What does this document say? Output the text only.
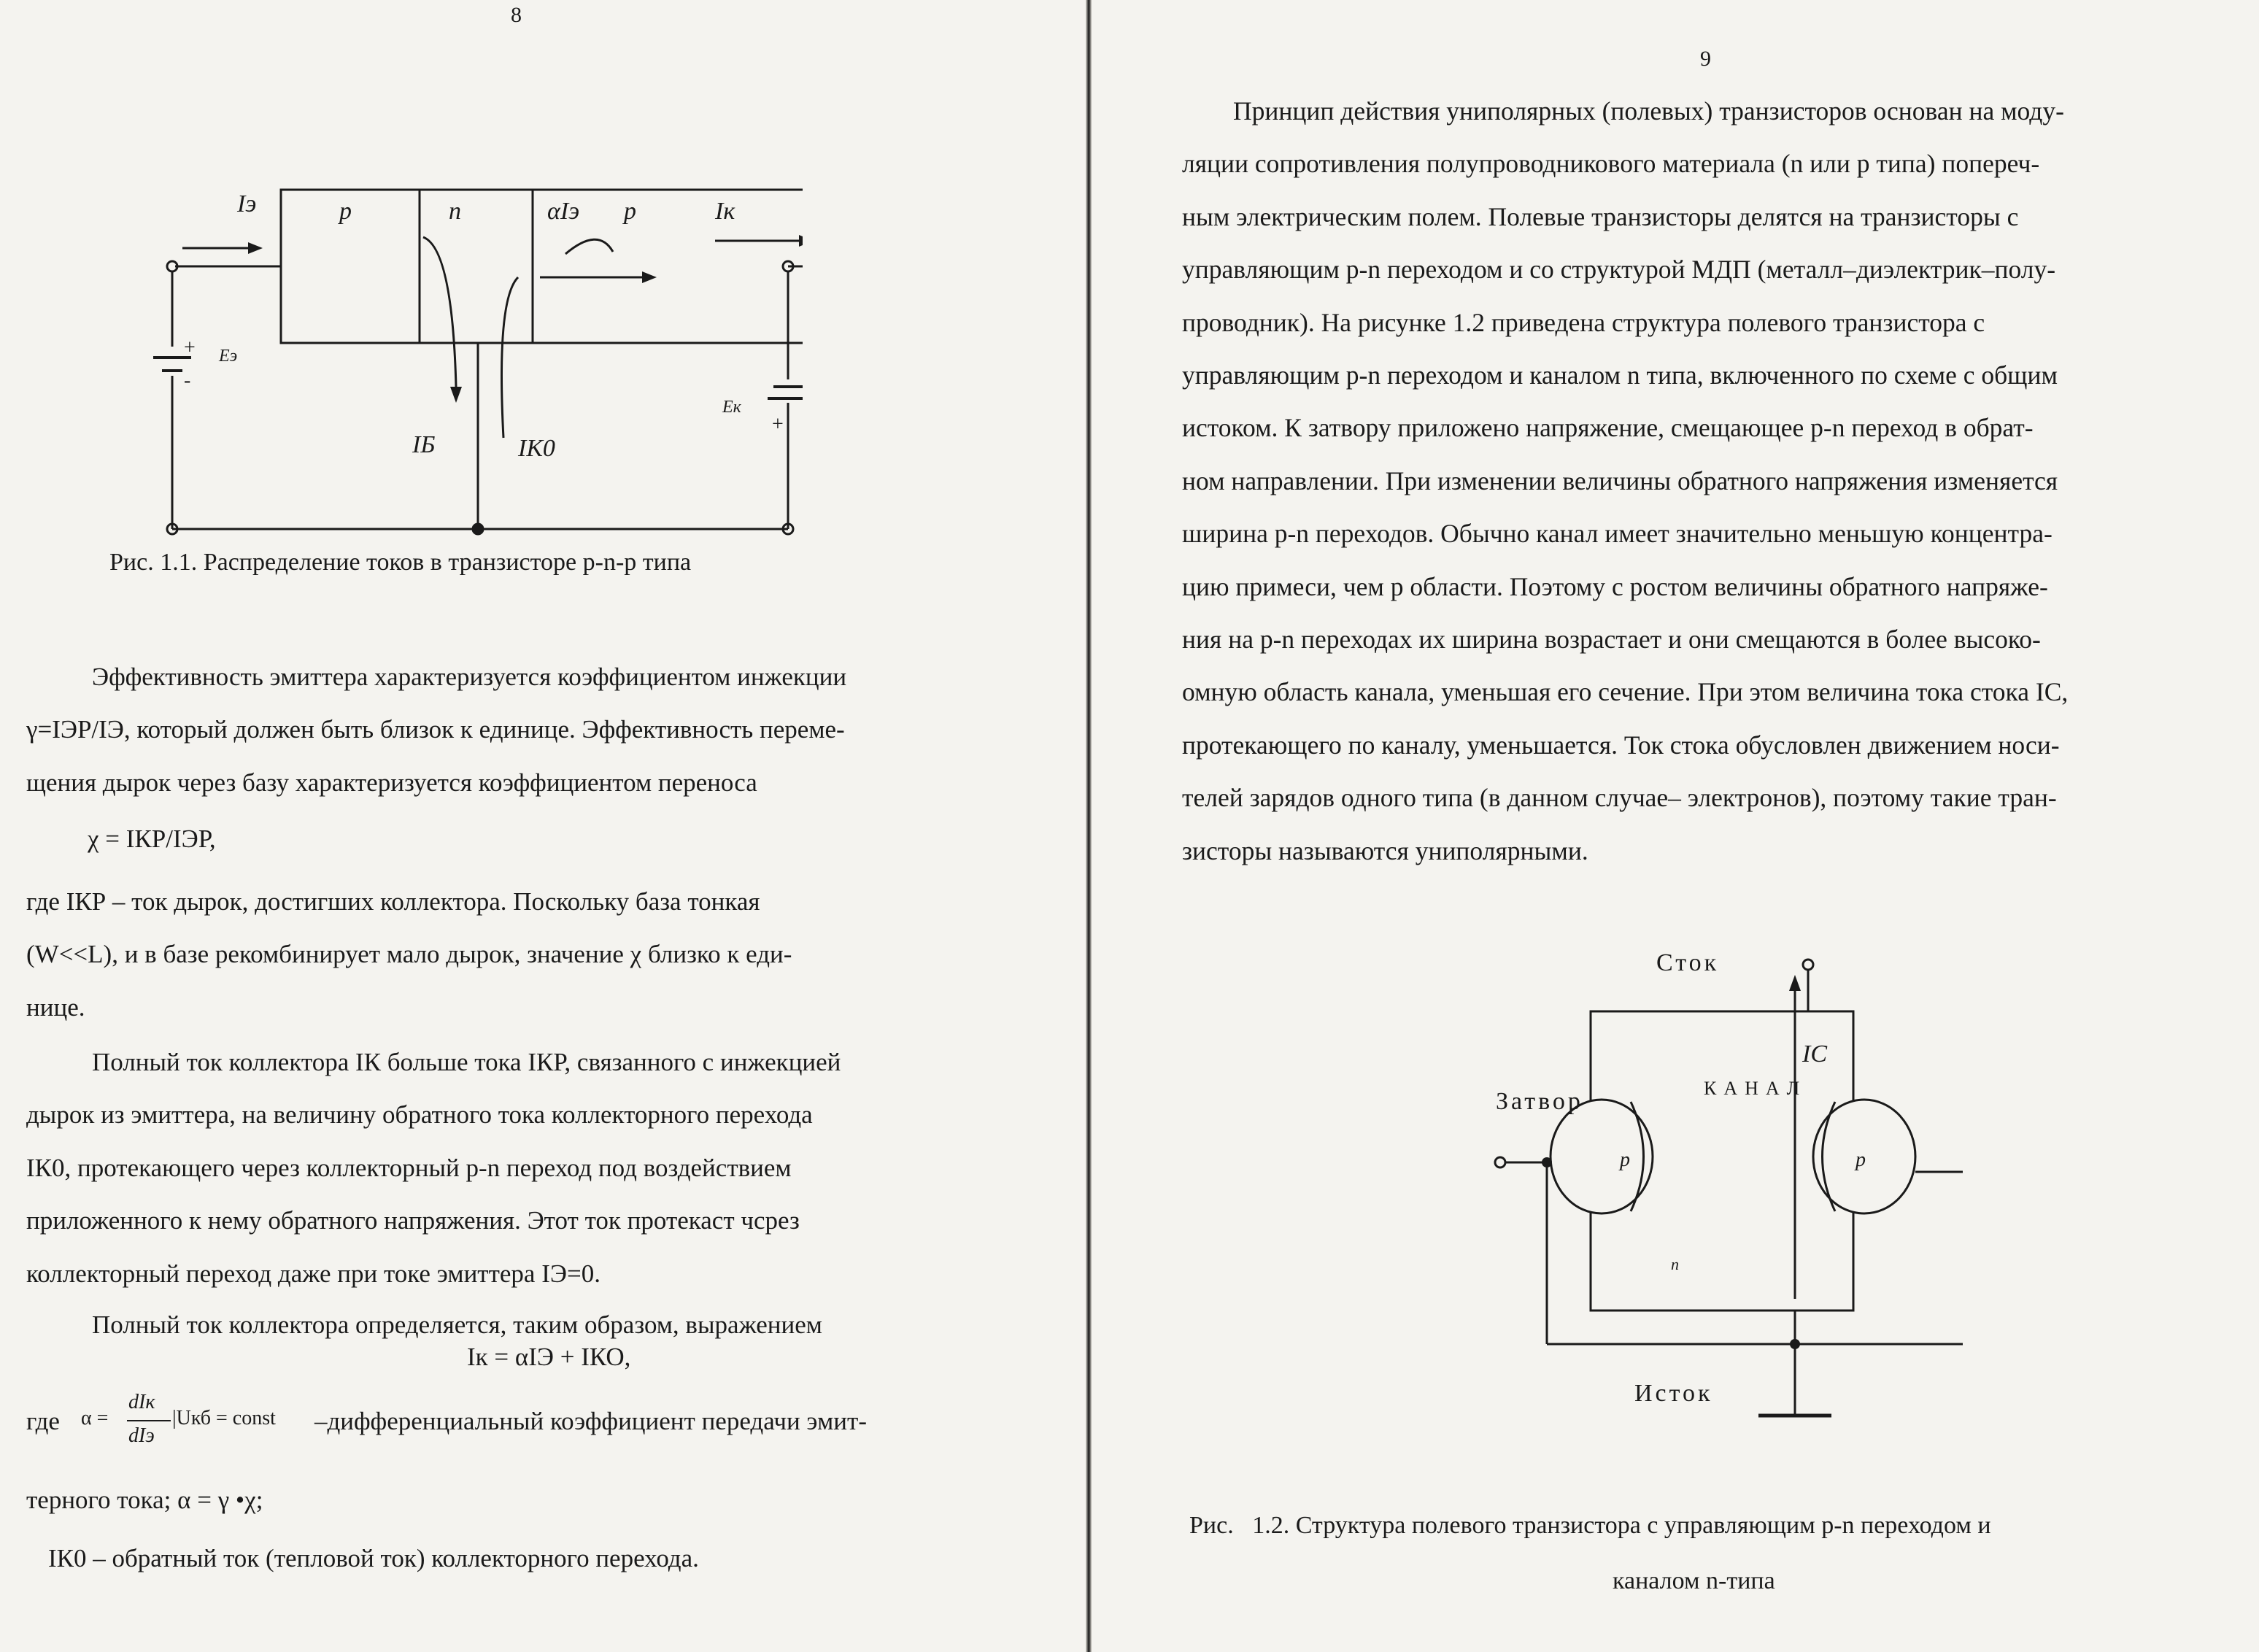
8
Iэ	p	n	αIэ p	Iк
Eэ
Eк
+
-
+
IБ	IК0
Рис. 1.1. Распределение токов в транзисторе p-n-p типа
Эффективность эмиттера характеризуется коэффициентом инжекции
γ=IЭР/IЭ, который должен быть близок к единице. Эффективность переме-
щения дырок через базу характеризуется коэффициентом переноса
χ = IКР/IЭР,
где IКР – ток дырок, достигших коллектора. Поскольку база тонкая
(W<<L), и в базе рекомбинирует мало дырок, значение χ близко к еди-
нице.
Полный ток коллектора IК больше тока IКР, связанного с инжекцией
дырок из эмиттера, на величину обратного тока коллекторного перехода
IК0, протекающего через коллекторный p-n переход под воздействием
приложенного к нему обратного напряжения. Этот ток протекаст чсрез
коллекторный переход даже при токе эмиттера IЭ=0.
Полный ток коллектора определяется, таким образом, выражением
Iк = αIЭ + IКО,
где α =
dIк
dIэ
|Uкб = const –дифференциальный коэффициент передачи эмит-
терного тока; α = γ •χ;
IК0 – обратный ток (тепловой ток) коллекторного перехода.
9
Принцип действия униполярных (полевых) транзисторов основан на моду-
ляции сопротивления полупроводникового материала (n или p типа) попереч-
ным электрическим полем. Полевые транзисторы делятся на транзисторы с
управляющим p-n переходом и со структурой МДП (металл–диэлектрик–полу-
проводник). На рисунке 1.2 приведена структура полевого транзистора с
управляющим p-n переходом и каналом n типа, включенного по схеме с общим
истоком. К затвору приложено напряжение, смещающее p-n переход в обрат-
ном направлении. При изменении величины обратного напряжения изменяется
ширина p-n переходов. Обычно канал имеет значительно меньшую концентра-
цию примеси, чем p области. Поэтому с ростом величины обратного напряже-
ния на p-n переходах их ширина возрастает и они смещаются в более высоко-
омную область канала, уменьшая его сечение. При этом величина тока стока IС,
протекающего по каналу, уменьшается. Ток стока обусловлен движением носи-
телей зарядов одного типа (в данном случае– электронов), поэтому такие тран-
зисторы называются униполярными.
Сток
Затвор
Исток
КАНАЛ
IС
p	p
n
Рис.   1.2. Структура полевого транзистора с управляющим p-n переходом и
каналом n-типа
